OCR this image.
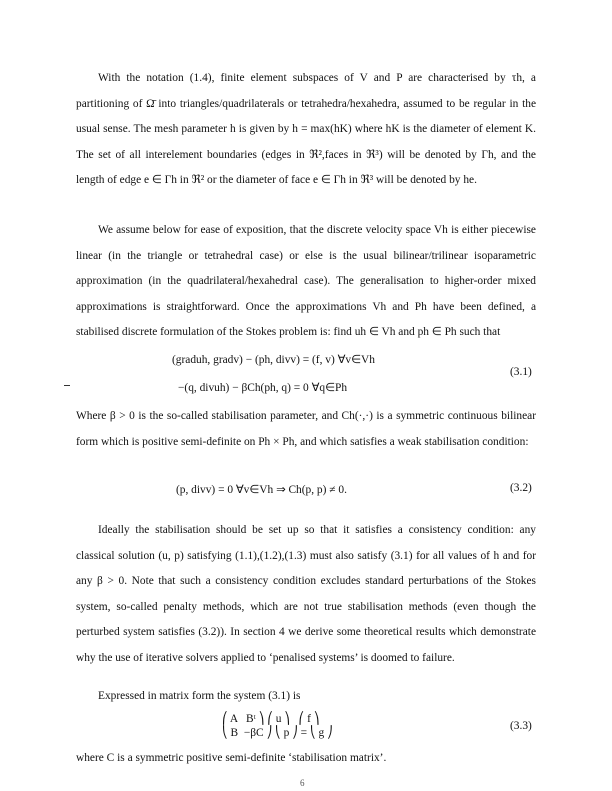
With the notation (1.4), finite element subspaces of V and P are characterised by τh, a partitioning of Ω̄ into triangles/quadrilaterals or tetrahedra/hexahedra, assumed to be regular in the usual sense. The mesh parameter h is given by h = max(hK) where hK is the diameter of element K. The set of all interelement boundaries (edges in ℜ²,faces in ℜ³) will be denoted by Γh, and the length of edge e ∈ Γh in ℜ² or the diameter of face e ∈ Γh in ℜ³ will be denoted by he.

We assume below for ease of exposition, that the discrete velocity space Vh is either piecewise linear (in the triangle or tetrahedral case) or else is the usual bilinear/trilinear isoparametric approximation (in the quadrilateral/hexahedral case). The generalisation to higher-order mixed approximations is straightforward. Once the approximations Vh and Ph have been defined, a stabilised discrete formulation of the Stokes problem is: find uh ∈ Vh and ph ∈ Ph such that

(graduh, gradv) − (ph, divv) = (f, v) ∀v∈Vh
−(q, divuh) − βCh(ph, q) = 0 ∀q∈Ph
(3.1)

Where β > 0 is the so-called stabilisation parameter, and Ch(·,·) is a symmetric continuous bilinear form which is positive semi-definite on Ph × Ph, and which satisfies a weak stabilisation condition:

(p, divv) = 0 ∀v∈Vh ⇒ Ch(p, p) ≠ 0.	(3.2)

Ideally the stabilisation should be set up so that it satisfies a consistency condition: any classical solution (u, p) satisfying (1.1),(1.2),(1.3) must also satisfy (3.1) for all values of h and for any β > 0. Note that such a consistency condition excludes standard perturbations of the Stokes system, so-called penalty methods, which are not true stabilisation methods (even though the perturbed system satisfies (3.2)). In section 4 we derive some theoretical results which demonstrate why the use of iterative solvers applied to ‘penalised systems’ is doomed to failure.

Expressed in matrix form the system (3.1) is

⎛ A   Bᵗ ⎞ ⎛ u ⎞   ⎛ f ⎞
⎝ B  −βC ⎠ ⎝ p ⎠ = ⎝ g ⎠
(3.3)

where C is a symmetric positive semi-definite ‘stabilisation matrix’.

6
